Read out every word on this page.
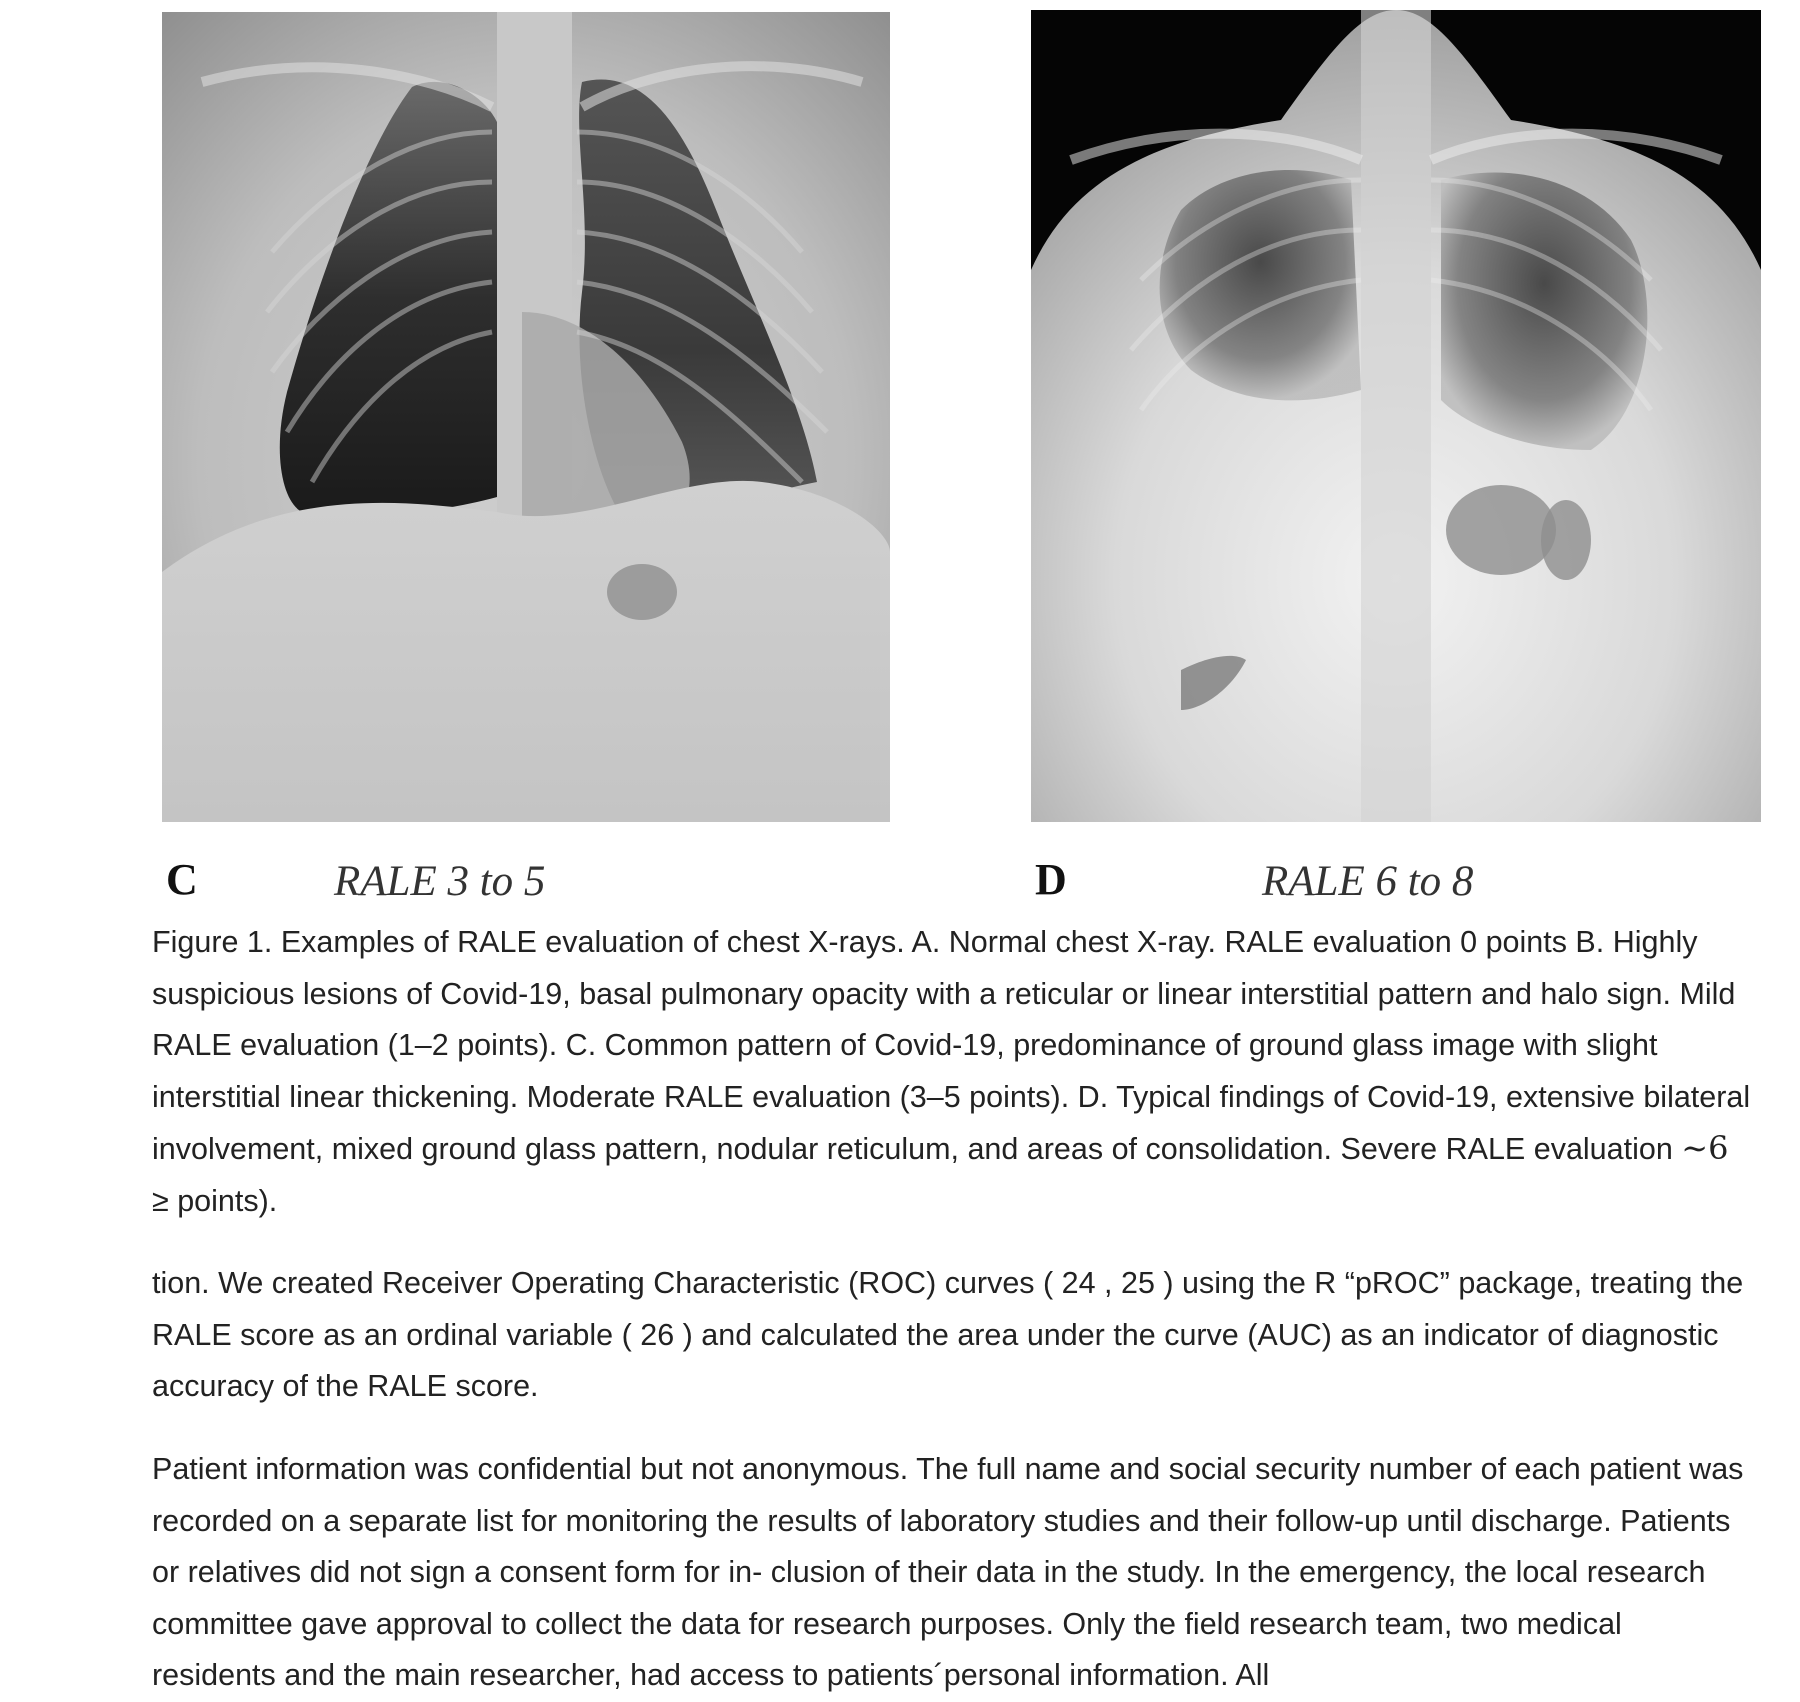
C	RALE 3 to 5	D	RALE 6 to 8

Figure 1. Examples of RALE evaluation of chest X-rays. A. Normal chest X-ray. RALE evaluation 0 points B. Highly suspicious lesions of Covid-19, basal pulmonary opacity with a reticular or linear interstitial pattern and halo sign. Mild RALE evaluation (1–2 points). C. Common pattern of Covid-19, predominance of ground glass image with slight interstitial linear thickening. Moderate RALE evaluation (3–5 points). D. Typical findings of Covid-19, extensive bilateral involvement, mixed ground glass pattern, nodular reticulum, and areas of consolidation. Severe RALE evaluation ∼6 ≥ points).

tion. We created Receiver Operating Characteristic (ROC) curves ( 24 , 25 ) using the R “pROC” package, treating the RALE score as an ordinal variable ( 26 ) and calculated the area under the curve (AUC) as an indicator of diagnostic accuracy of the RALE score.

Patient information was confidential but not anonymous. The full name and social security number of each patient was recorded on a separate list for monitoring the results of laboratory studies and their follow-up until discharge. Patients or relatives did not sign a consent form for in- clusion of their data in the study. In the emergency, the local research committee gave approval to collect the data for research purposes. Only the field research team, two medical residents and the main researcher, had access to patients´personal information. All
